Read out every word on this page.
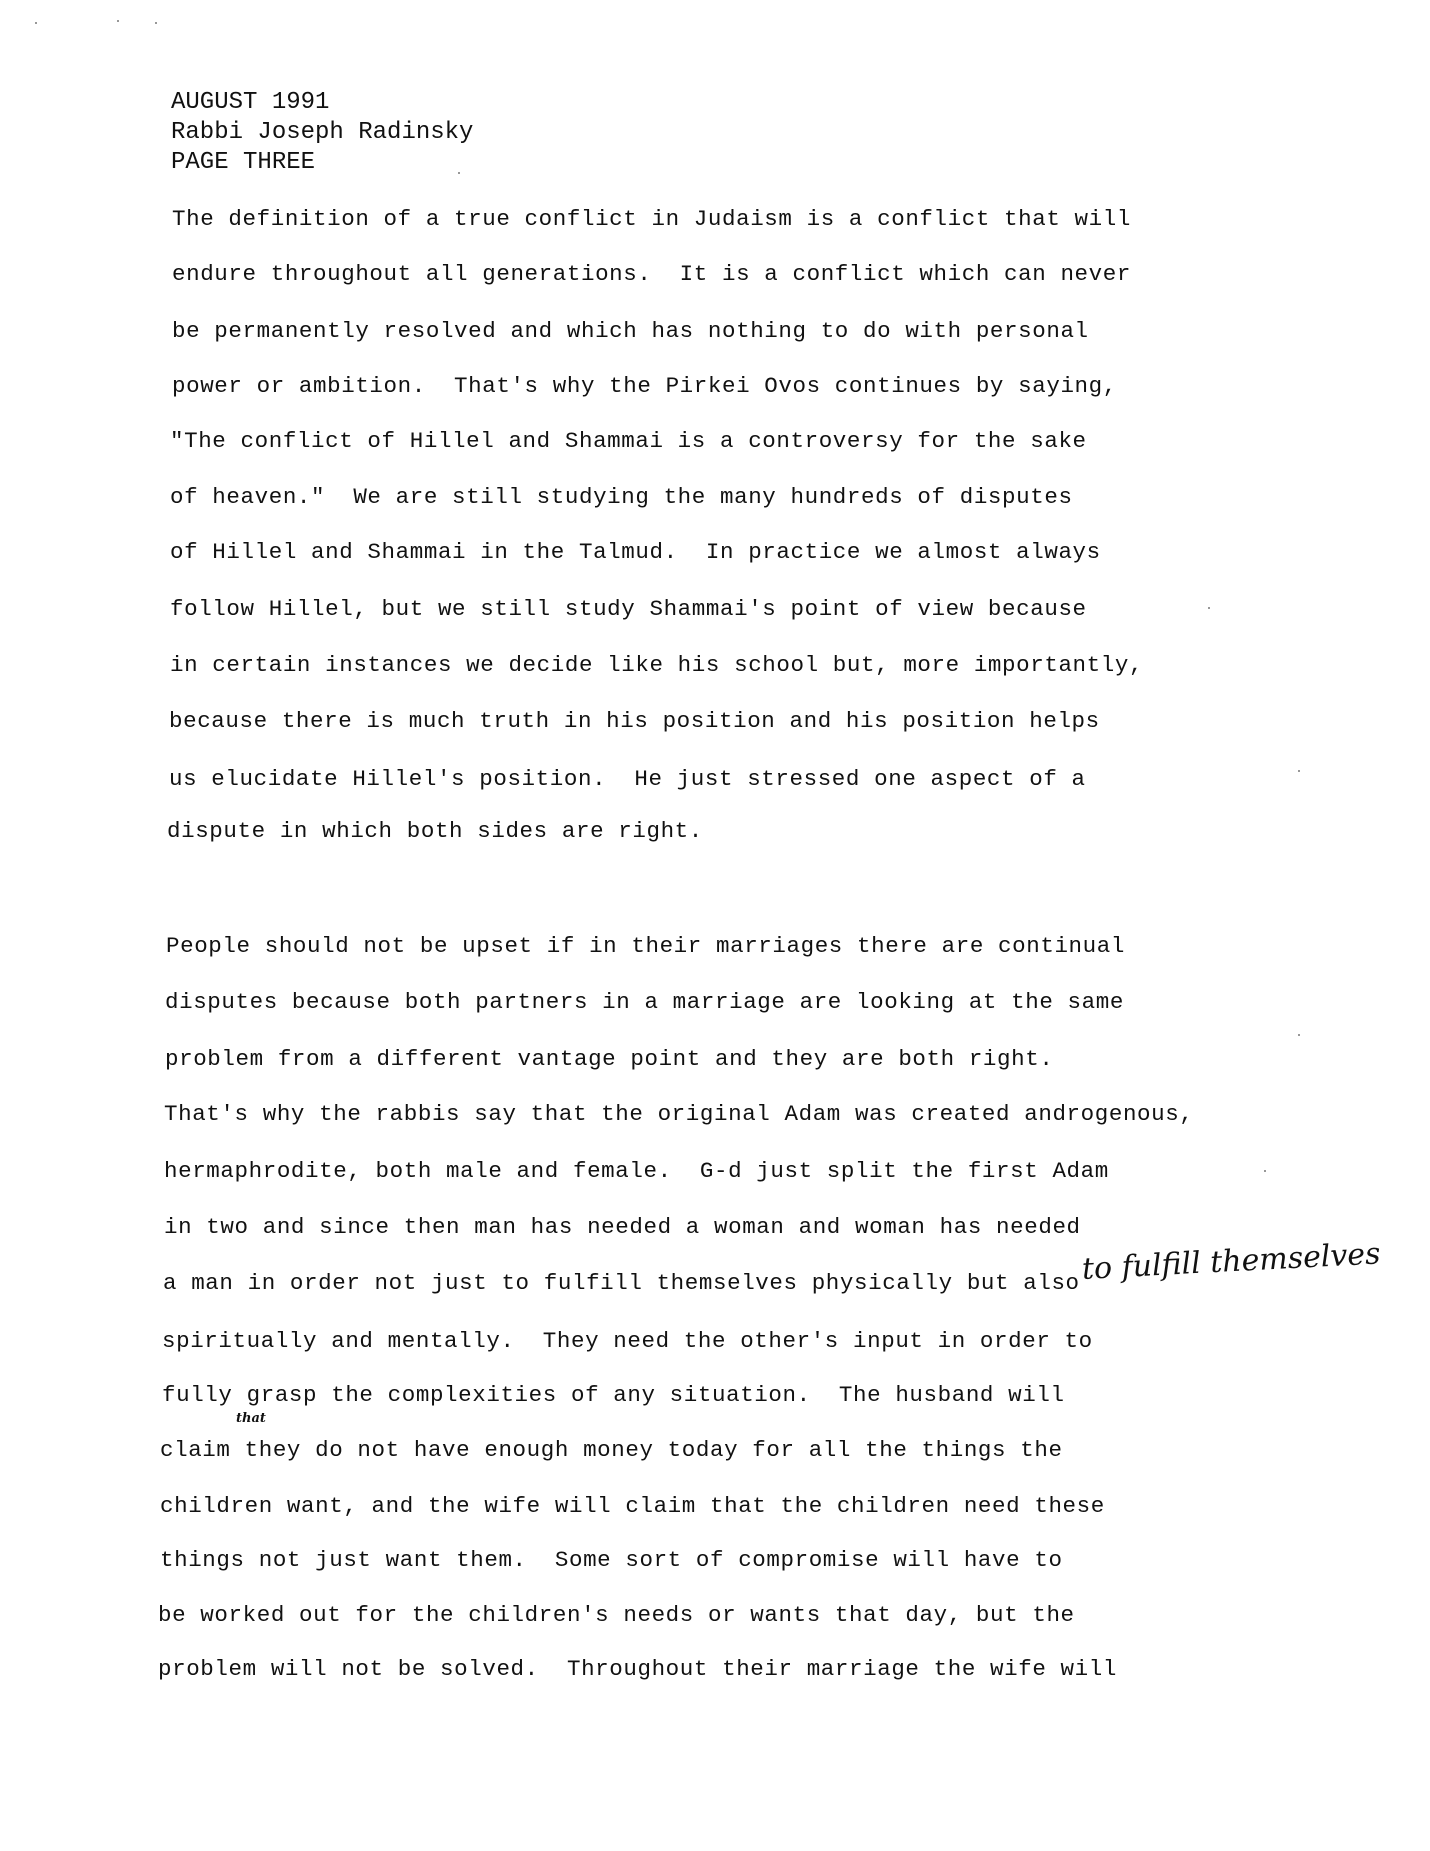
AUGUST 1991
Rabbi Joseph Radinsky
PAGE THREE
The definition of a true conflict in Judaism is a conflict that will
endure throughout all generations.  It is a conflict which can never
be permanently resolved and which has nothing to do with personal
power or ambition.  That's why the Pirkei Ovos continues by saying,
"The conflict of Hillel and Shammai is a controversy for the sake
of heaven."  We are still studying the many hundreds of disputes
of Hillel and Shammai in the Talmud.  In practice we almost always
follow Hillel, but we still study Shammai's point of view because
in certain instances we decide like his school but, more importantly,
because there is much truth in his position and his position helps
us elucidate Hillel's position.  He just stressed one aspect of a
dispute in which both sides are right.
People should not be upset if in their marriages there are continual
disputes because both partners in a marriage are looking at the same
problem from a different vantage point and they are both right.
That's why the rabbis say that the original Adam was created androgenous,
hermaphrodite, both male and female.  G-d just split the first Adam
in two and since then man has needed a woman and woman has needed
a man in order not just to fulfill themselves physically but also
spiritually and mentally.  They need the other's input in order to
fully grasp the complexities of any situation.  The husband will
claim they do not have enough money today for all the things the
children want, and the wife will claim that the children need these
things not just want them.  Some sort of compromise will have to
be worked out for the children's needs or wants that day, but the
problem will not be solved.  Throughout their marriage the wife will
to fulfill themselves
that
